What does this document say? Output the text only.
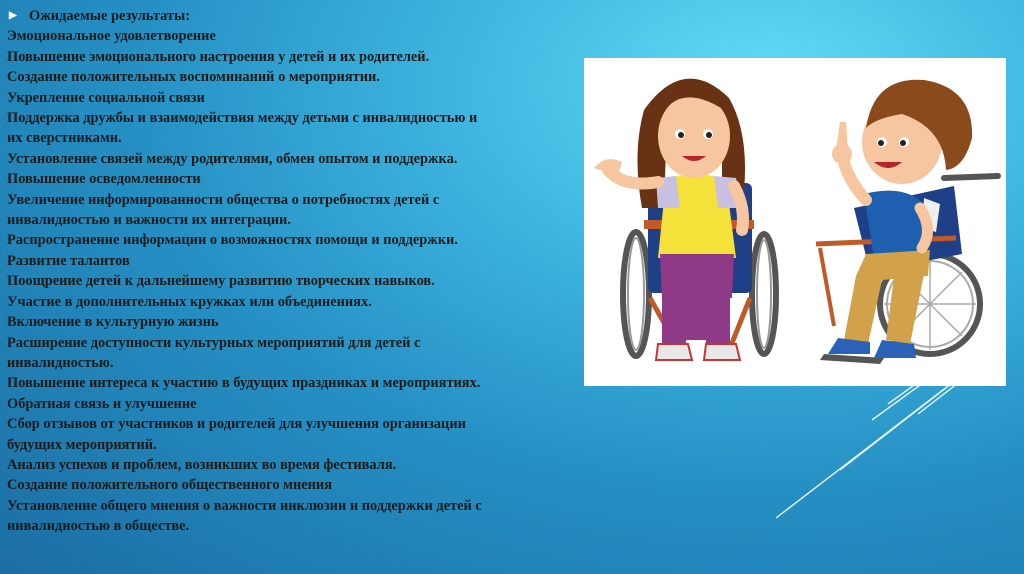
▶ Ожидаемые результаты:
Эмоциональное удовлетворение
Повышение эмоционального настроения у детей и их родителей.
Создание положительных воспоминаний о мероприятии.
Укрепление социальной связи
Поддержка дружбы и взаимодействия между детьми с инвалидностью и
их сверстниками.
Установление связей между родителями, обмен опытом и поддержка.
Повышение осведомленности
Увеличение информированности общества о потребностях детей с
инвалидностью и важности их интеграции.
Распространение информации о возможностях помощи и поддержки.
Развитие талантов
Поощрение детей к дальнейшему развитию творческих навыков.
Участие в дополнительных кружках или объединениях.
Включение в культурную жизнь
Расширение доступности культурных мероприятий для детей с
инвалидностью.
Повышение интереса к участию в будущих праздниках и мероприятиях.
Обратная связь и улучшение
Сбор отзывов от участников и родителей для улучшения организации
будущих мероприятий.
Анализ успехов и проблем, возникших во время фестиваля.
Создание положительного общественного мнения
Установление общего мнения о важности инклюзии и поддержки детей с
инвалидностью в обществе.
